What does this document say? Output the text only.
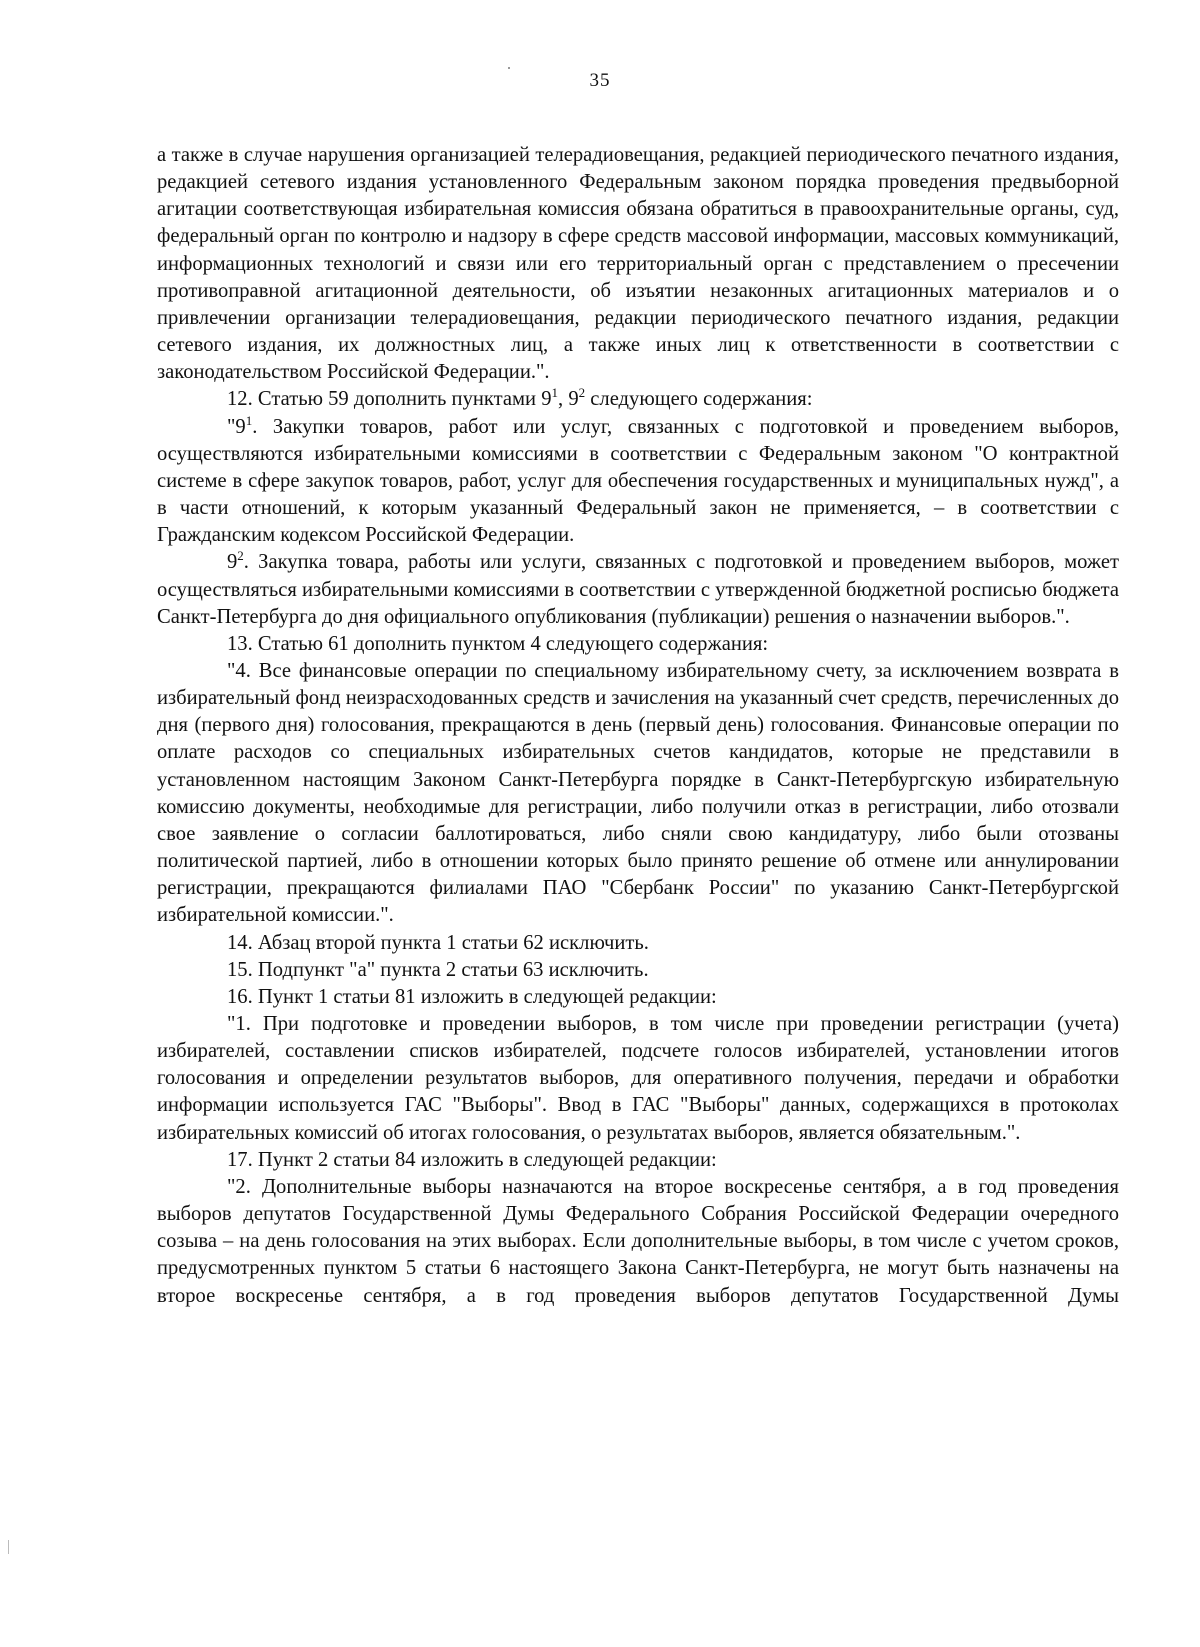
35

а также в случае нарушения организацией телерадиовещания, редакцией периодического печатного издания, редакцией сетевого издания установленного Федеральным законом порядка проведения предвыборной агитации соответствующая избирательная комиссия обязана обратиться в правоохранительные органы, суд, федеральный орган по контролю и надзору в сфере средств массовой информации, массовых коммуникаций, информационных технологий и связи или его территориальный орган с представлением о пресечении противоправной агитационной деятельности, об изъятии незаконных агитационных материалов и о привлечении организации телерадиовещания, редакции периодического печатного издания, редакции сетевого издания, их должностных лиц, а также иных лиц к ответственности в соответствии с законодательством Российской Федерации.".

12. Статью 59 дополнить пунктами $9^1$, $9^2$ следующего содержания:

"$9^1$. Закупки товаров, работ или услуг, связанных с подготовкой и проведением выборов, осуществляются избирательными комиссиями в соответствии с Федеральным законом "О контрактной системе в сфере закупок товаров, работ, услуг для обеспечения государственных и муниципальных нужд", а в части отношений, к которым указанный Федеральный закон не применяется, – в соответствии с Гражданским кодексом Российской Федерации.

$9^2$. Закупка товара, работы или услуги, связанных с подготовкой и проведением выборов, может осуществляться избирательными комиссиями в соответствии с утвержденной бюджетной росписью бюджета Санкт-Петербурга до дня официального опубликования (публикации) решения о назначении выборов.".

13. Статью 61 дополнить пунктом 4 следующего содержания:

"4. Все финансовые операции по специальному избирательному счету, за исключением возврата в избирательный фонд неизрасходованных средств и зачисления на указанный счет средств, перечисленных до дня (первого дня) голосования, прекращаются в день (первый день) голосования. Финансовые операции по оплате расходов со специальных избирательных счетов кандидатов, которые не представили в установленном настоящим Законом Санкт-Петербурга порядке в Санкт-Петербургскую избирательную комиссию документы, необходимые для регистрации, либо получили отказ в регистрации, либо отозвали свое заявление о согласии баллотироваться, либо сняли свою кандидатуру, либо были отозваны политической партией, либо в отношении которых было принято решение об отмене или аннулировании регистрации, прекращаются филиалами ПАО "Сбербанк России" по указанию Санкт-Петербургской избирательной комиссии.".

14. Абзац второй пункта 1 статьи 62 исключить.

15. Подпункт "а" пункта 2 статьи 63 исключить.

16. Пункт 1 статьи 81 изложить в следующей редакции:

"1. При подготовке и проведении выборов, в том числе при проведении регистрации (учета) избирателей, составлении списков избирателей, подсчете голосов избирателей, установлении итогов голосования и определении результатов выборов, для оперативного получения, передачи и обработки информации используется ГАС "Выборы". Ввод в ГАС "Выборы" данных, содержащихся в протоколах избирательных комиссий об итогах голосования, о результатах выборов, является обязательным.".

17. Пункт 2 статьи 84 изложить в следующей редакции:

"2. Дополнительные выборы назначаются на второе воскресенье сентября, а в год проведения выборов депутатов Государственной Думы Федерального Собрания Российской Федерации очередного созыва – на день голосования на этих выборах. Если дополнительные выборы, в том числе с учетом сроков, предусмотренных пунктом 5 статьи 6 настоящего Закона Санкт-Петербурга, не могут быть назначены на второе воскресенье сентября, а в год проведения выборов депутатов Государственной Думы
